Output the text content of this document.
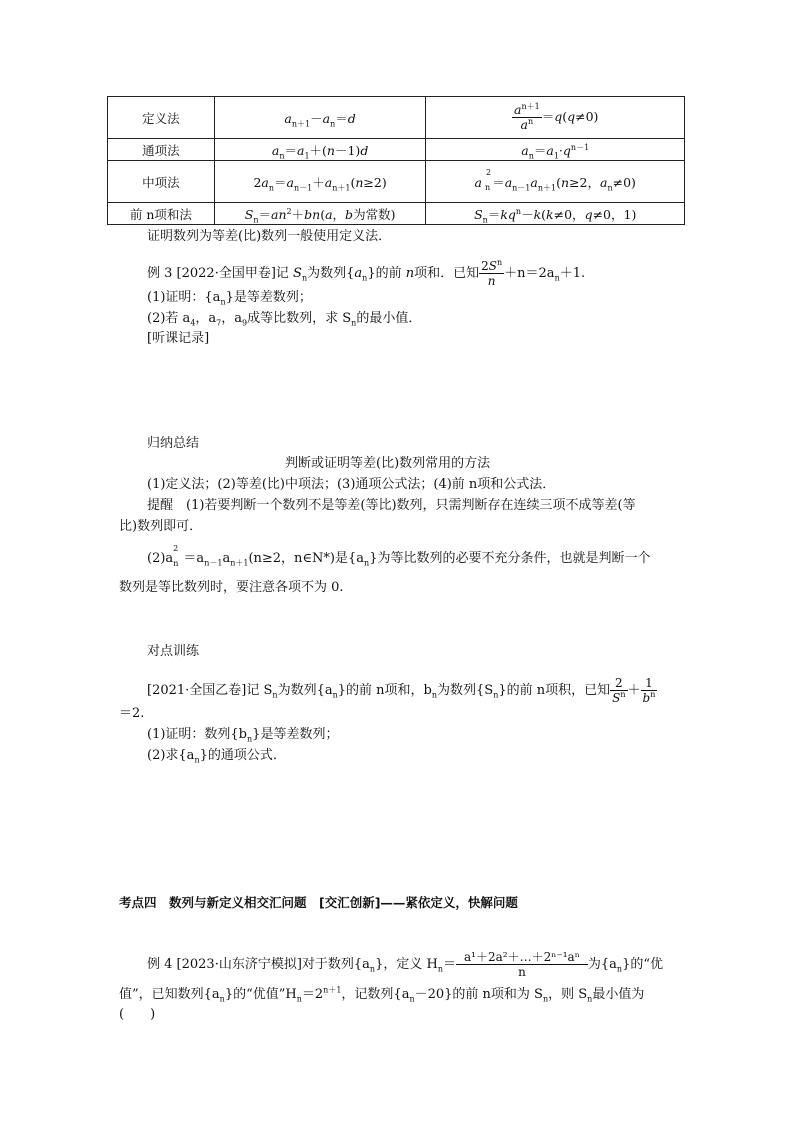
定义法	$a_{n+1}-a_n=d$	$\frac{a^{n+1}}{a^n} =q(q\ne 0)$
通项法	$a_n=a_1+(n-1)d$	$a_n=a_1\cdot q^{n-1}$
中项法	$2a_n=a_{n-1}+a_{n+1}(n\ge 2)$	$a^2_n =a_{n-1}a_{n+1}(n\ge 2$，$a_n\ne 0$)
前 n项和法	$S_n=an^2+bn(a$，b为常数)	$S_n=kq^n-k(k\ne 0$，q≠0，1)
证明数列为等差(比)数列一般使用定义法．
例 3 [2022·全国甲卷]记 $S_n$为数列$\{a_n\}$的前 n项和．已知 $\frac{2S^n}{n} +n=2a_n+1$.
(1)证明：$\{a_n\}$是等差数列；
(2)若 $a_4$，$a_7$，$a_9$成等比数列，求 $S_n$的最小值．
[听课记录]
归纳总结
判断或证明等差(比)数列常用的方法
(1)定义法；(2)等差(比)中项法；(3)通项公式法；(4)前 n项和公式法．
提醒　(1)若要判断一个数列不是等差(等比)数列，只需判断存在连续三项不成等差(等
比)数列即可．
$(2)a^2_n =a_{n-1}a_{n+1}(n\ge 2$，n∈N*)是$\{a_n\}$为等比数列的必要不充分条件，也就是判断一个
数列是等比数列时，要注意各项不为 0.
对点训练
[2021·全国乙卷]记 $S_n$为数列$\{a_n\}$的前 n项和，$b_n$为数列$\{S_n\}$的前 n项积，已知 $\frac{2}{S^n} + \frac{1}{b^n}$
＝2.
(1)证明：数列$\{b_n\}$是等差数列；
(2)求$\{a_n\}$的通项公式．
考点四　数列与新定义相交汇问题　[交汇创新]——紧依定义，快解问题
例 4 [2023·山东济宁模拟]对于数列$\{a_n\}$，定义 $H_n= \frac{\text{a¹＋2a²＋…＋2ⁿ⁻¹aⁿ}}{n}$ 为$\{a_n\}$的“优
值”，已知数列$\{a_n\}$的“优值$”H_n=2^{n+1}$，记数列$\{a_n-20\}$的前 n项和为 $S_n$，则 $S_n$最小值为
(　　)
